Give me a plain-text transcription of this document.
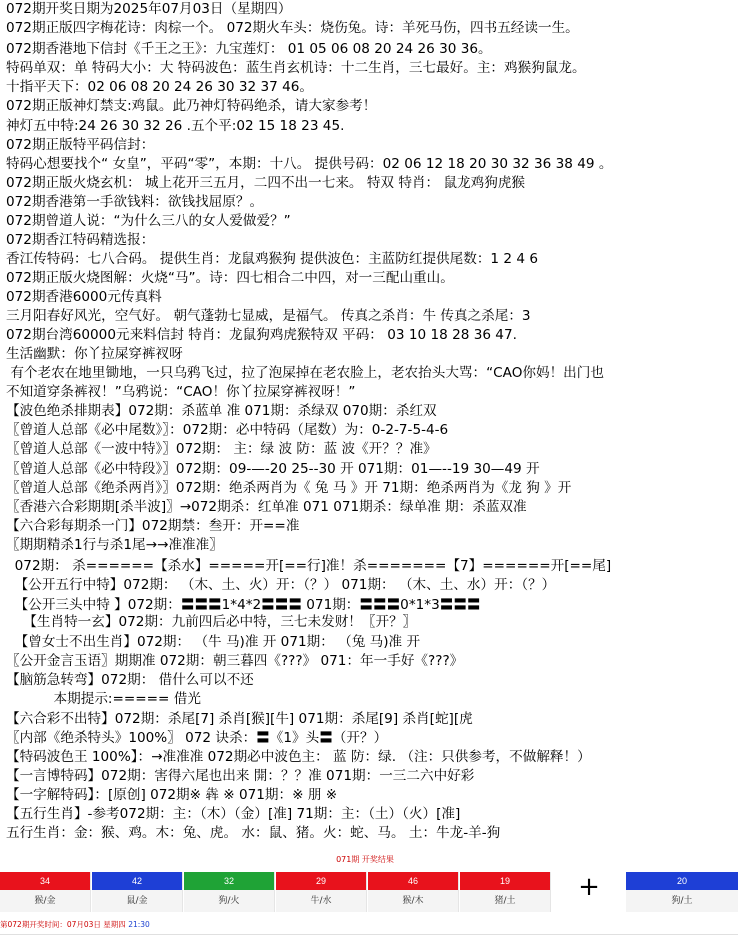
072期开奖日期为2025年07月03日（星期四）
072期正版四字梅花诗：肉棕一个。 072期火车头：烧伤兔。诗：羊死马伤，四书五经读一生。
072期香港地下信封《千王之王》：九宝莲灯： 01 05 06 08 20 24 26 30 36。
特码单双：单 特码大小：大 特码波色：蓝生肖玄机诗：十二生肖，三七最好。主：鸡猴狗鼠龙。
十指平天下：02 06 08 20 24 26 30 32 37 46。
072期正版神灯禁支:鸡鼠。此乃神灯特码绝杀，请大家参考！
神灯五中特:24 26 30 32 26 .五个平:02 15 18 23 45.
072期正版特平码信封：
特码心想要找个“ 女皇”，平码“零”，本期：十八。 提供号码：02 06 12 18 20 30 32 36 38 49 。
072期正版火烧玄机： 城上花开三五月，二四不出一七来。 特双 特肖： 鼠龙鸡狗虎猴
072期香港第一手欲钱料：欲钱找屈原？。
072期曾道人说：“为什么三八的女人爱做爱？”
072期香江特码精选报：
香江传特码：七八合码。 提供生肖：龙鼠鸡猴狗 提供波色：主蓝防红提供尾数：1 2 4 6
072期正版火烧图解：火烧“马”。诗：四七相合二中四，对一三配山重山。
072期香港6000元传真料
三月阳春好风光，空气好。 朝气蓬勃七显威，是福气。 传真之杀肖：牛 传真之杀尾：3
072期台湾60000元来料信封 特肖：龙鼠狗鸡虎猴特双 平码： 03 10 18 28 36 47.
生活幽默：你丫拉屎穿裤衩呀
有个老农在地里锄地，一只乌鸦飞过，拉了泡屎掉在老农脸上，老农抬头大骂：“CAO你妈！出门也
不知道穿条裤衩！”乌鸦说：“CAO！你丫拉屎穿裤衩呀！”
【波色绝杀排期表】072期：杀蓝单 准 071期：杀绿双 070期：杀红双
〖曾道人总部《必中尾数》〗：072期：必中特码（尾数）为：0-2-7-5-4-6
〖曾道人总部《一波中特》〗072期： 主：绿 波 防：蓝 波《开？？准》
〖曾道人总部《必中特段》〗072期：09-—-20 25--30 开 071期：01—--19 30—49 开
〖曾道人总部《绝杀两肖》〗072期：绝杀两肖为《 兔 马 》开 71期：绝杀两肖为《龙 狗 》开
〖香港六合彩期期[杀半波]〗→072期杀：红单准 071 071期杀：绿单准 期：杀蓝双准
【六合彩每期杀一门】072期禁：叁开：开==准
〖期期精杀1行与杀1尾→→准准准〗
072期： 杀======【杀水】=====开[==行]准！杀=======【7】======开[==尾]
【公开五行中特】072期： （木、土、火）开：（？） 071期： （木、土、水）开：（？）
【公开三头中特 】072期：〓〓〓1*4*2〓〓〓 071期：〓〓〓0*1*3〓〓〓
【生肖特一玄】072期：九前四后必中特，三七未发财！〖开？〗
【曾女士不出生肖】072期： （牛 马)准 开 071期： （兔 马)准 开
〖公开金言玉语〗期期准 072期：朝三暮四《???》 071：年一手好《???》
【脑筋急转弯】072期： 借什么可以不还
本期提示:===== 借光
【六合彩不出特】072期：杀尾[7] 杀肖[猴][牛] 071期：杀尾[9] 杀肖[蛇][虎
〖内部《绝杀特头》100%〗 072 诀杀：〓《1》头〓（开？）
【特码波色王 100%】：→准准准 072期必中波色主： 蓝 防：绿. （注：只供参考，不做解释！）
【一言博特码】072期：害得六尾也出来 開：？？准 071期：一三二六中好彩
【一字解特码】：[原创] 072期※ 犇 ※ 071期：※ 朋 ※
【五行生肖】-参考072期：主：（木）（金）[准] 71期：主：（土）（火）[准]
五行生肖：金：猴、鸡。木：兔、虎。 水：鼠、猪。火：蛇、马。 土：牛龙-羊-狗
071期 开奖结果
34
猴/金
42
鼠/金
32
狗/火
29
牛/水
46
猴/木
19
猪/土	+	20
狗/土
第072期开奖时间：07月03日 星期四 21:30
